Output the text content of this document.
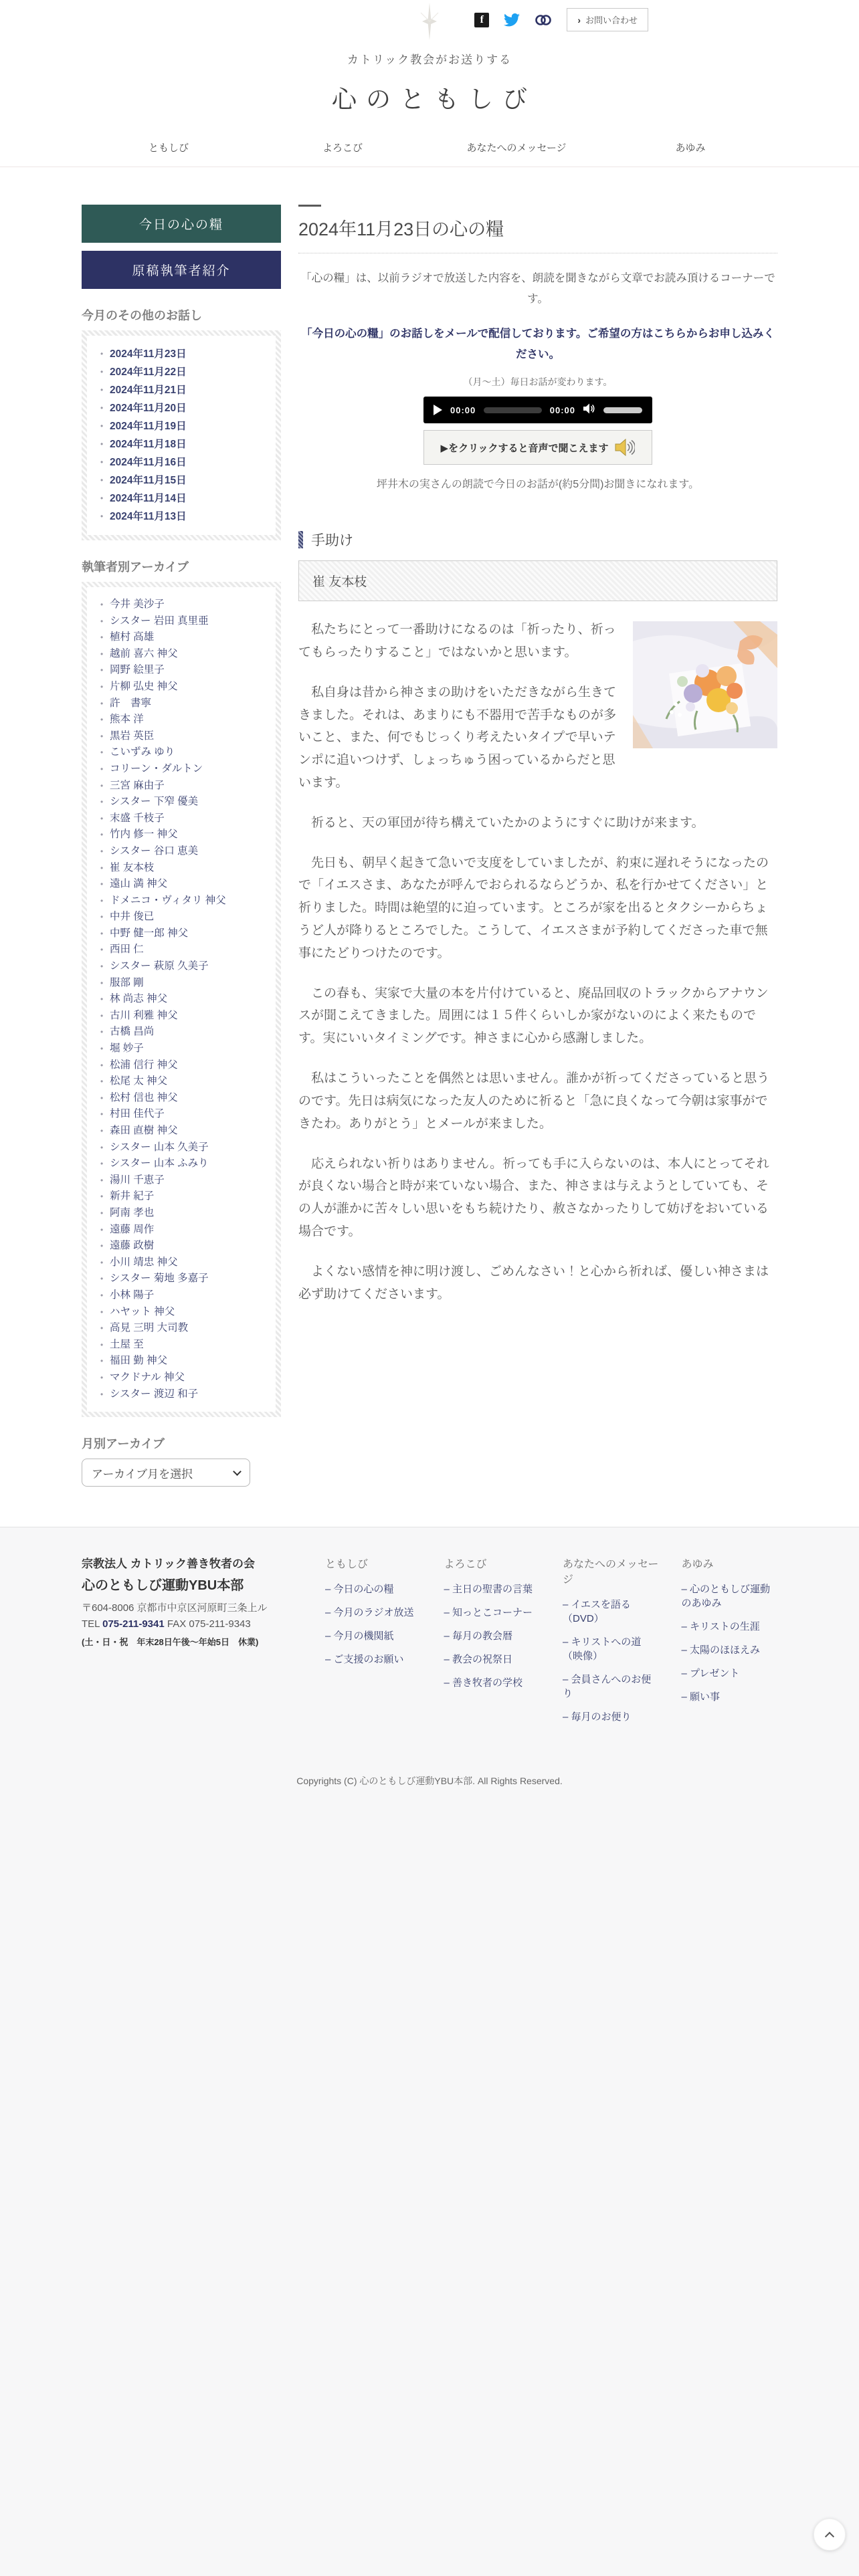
f	› お問い合わせ

カトリック教会がお送りする

心のともしび
ともしび	よろこび	あなたへのメッセージ	あゆみ
今日の心の糧
原稿執筆者紹介
今月のその他のお話し
• 2024年11月23日
• 2024年11月22日
• 2024年11月21日
• 2024年11月20日
• 2024年11月19日
• 2024年11月18日
• 2024年11月16日
• 2024年11月15日
• 2024年11月14日
• 2024年11月13日
執筆者別アーカイブ
• 今井 美沙子
• シスター 岩田 真里亜
• 植村 高雄
• 越前 喜六 神父
• 岡野 絵里子
• 片柳 弘史 神父
• 許　書寧
• 熊本 洋
• 黒岩 英臣
• こいずみ ゆり
• コリーン・ダルトン
• 三宮 麻由子
• シスター 下窄 優美
• 末盛 千枝子
• 竹内 修一 神父
• シスター 谷口 恵美
• 崔 友本枝
• 遠山 満 神父
• ドメニコ・ヴィタリ 神父
• 中井 俊已
• 中野 健一郎 神父
• 西田 仁
• シスター 萩原 久美子
• 服部 剛
• 林 尚志 神父
• 古川 利雅 神父
• 古橋 昌尚
• 堀 妙子
• 松浦 信行 神父
• 松尾 太 神父
• 松村 信也 神父
• 村田 佳代子
• 森田 直樹 神父
• シスター 山本 久美子
• シスター 山本 ふみり
• 湯川 千恵子
• 新井 紀子
• 阿南 孝也
• 遠藤 周作
• 遠藤 政樹
• 小川 靖忠 神父
• シスター 菊地 多嘉子
• 小林 陽子
• ハヤット 神父
• 高見 三明 大司教
• 土屋 至
• 福田 勤 神父
• マクドナル 神父
• シスター 渡辺 和子
月別アーカイブ
アーカイブ月を選択
2024年11月23日の心の糧

「心の糧」は、以前ラジオで放送した内容を、朗読を聞きながら文章でお読み頂けるコーナーです。

「今日の心の糧」のお話しをメールで配信しております。ご希望の方はこちらからお申し込みください。

（月～土）毎日お話が変わります。

00:00	00:00
▶をクリックすると音声で聞こえます

坪井木の実さんの朗読で今日のお話が(約5分間)お聞きになれます。

手助け
崔 友本枝

　私たちにとって一番助けになるのは「祈ったり、祈ってもらったりすること」ではないかと思います。

　私自身は昔から神さまの助けをいただきながら生きてきました。それは、あまりにも不器用で苦手なものが多いこと、また、何でもじっくり考えたいタイプで早いテンポに追いつけず、しょっちゅう困っているからだと思います。

　祈ると、天の軍団が待ち構えていたかのようにすぐに助けが来ます。

　先日も、朝早く起きて急いで支度をしていましたが、約束に遅れそうになったので「イエスさま、あなたが呼んでおられるならどうか、私を行かせてください」と祈りました。時間は絶望的に迫っています。ところが家を出るとタクシーからちょうど人が降りるところでした。こうして、イエスさまが予約してくださった車で無事にたどりつけたのです。

　この春も、実家で大量の本を片付けていると、廃品回収のトラックからアナウンスが聞こえてきました。周囲には１５件くらいしか家がないのによく来たものです。実にいいタイミングです。神さまに心から感謝しました。

　私はこういったことを偶然とは思いません。誰かが祈ってくださっていると思うのです。先日は病気になった友人のために祈ると「急に良くなって今朝は家事ができたわ。ありがとう」とメールが来ました。

　応えられない祈りはありません。祈っても手に入らないのは、本人にとってそれが良くない場合と時が来ていない場合、また、神さまは与えようとしていても、その人が誰かに苦々しい思いをもち続けたり、赦さなかったりして妨げをおいている場合です。

　よくない感情を神に明け渡し、ごめんなさい！と心から祈れば、優しい神さまは必ず助けてくださいます。

宗教法人 カトリック善き牧者の会
心のともしび運動YBU本部
〒604-8006 京都市中京区河原町三条上ル
TEL 075-211-9341 FAX 075-211-9343
(土・日・祝　年末28日午後～年始5日　休業)
ともしび
– 今日の心の糧
– 今月のラジオ放送
– 今月の機関紙
– ご支援のお願い
よろこび
– 主日の聖書の言葉
– 知っとこコーナー
– 毎月の教会暦
– 教会の祝祭日
– 善き牧者の学校
あなたへのメッセージ
– イエスを語る（DVD）
– キリストへの道（映像）
– 会員さんへのお便り
– 毎月のお便り
あゆみ
– 心のともしび運動のあゆみ
– キリストの生涯
– 太陽のほほえみ
– プレゼント
– 願い事

Copyrights (C) 心のともしび運動YBU本部. All Rights Reserved.
